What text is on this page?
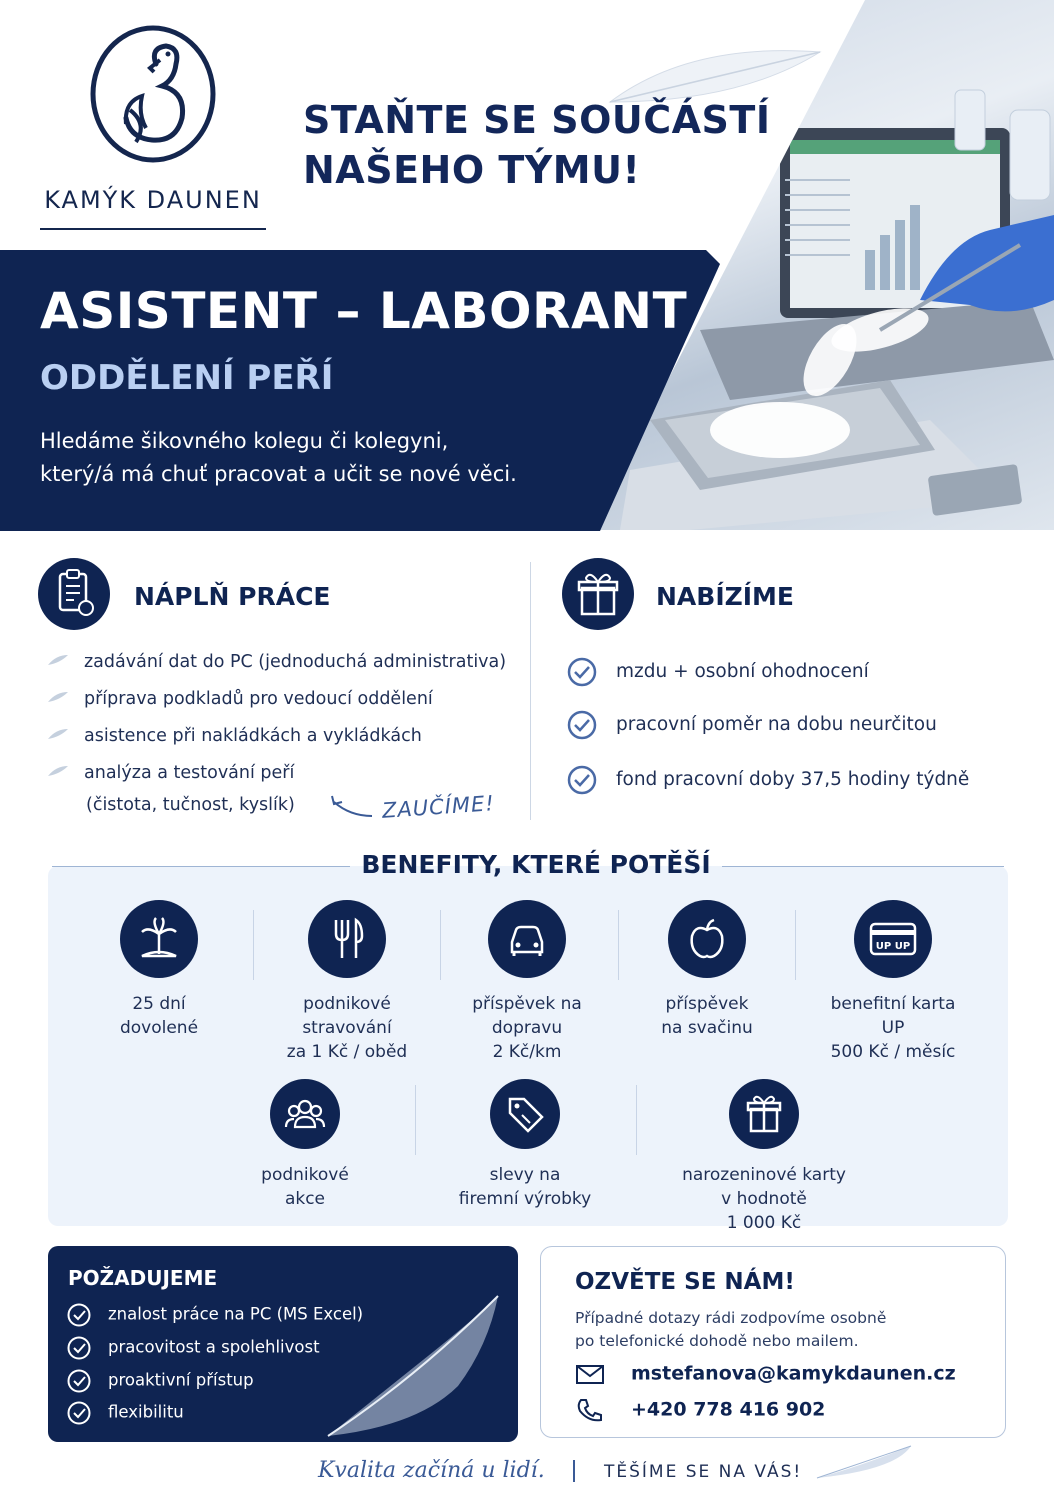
KAMÝK DAUNEN
STAŇTE SE SOUČÁSTÍ
NAŠEHO TÝMU!
ASISTENT – LABORANT
ODDĚLENÍ PEŘÍ
Hledáme šikovného kolegu či kolegyni,
který/á má chuť pracovat a učit se nové věci.
NÁPLŇ PRÁCE
zadávání dat do PC (jednoduchá administrativa)
příprava podkladů pro vedoucí oddělení
asistence při nakládkách a vykládkách
analýza a testování peří
(čistota, tučnost, kyslík)	ZAUČÍME!
NABÍZÍME
mzdu + osobní ohodnocení
pracovní poměr na dobu neurčitou
fond pracovní doby 37,5 hodiny týdně
BENEFITY, KTERÉ POTĚŠÍ
25 dní
dovolené
podnikové
stravování
za 1 Kč / oběd
příspěvek na
dopravu
2 Kč/km
příspěvek
na svačinu
UP UP
benefitní karta
UP
500 Kč / měsíc
podnikové
akce
slevy na
firemní výrobky
narozeninové karty
v hodnotě
1 000 Kč
POŽADUJEME
znalost práce na PC (MS Excel)
pracovitost a spolehlivost
proaktivní přístup
flexibilitu
OZVĚTE SE NÁM!
Případné dotazy rádi zodpovíme osobně
po telefonické dohodě nebo mailem.
mstefanova@kamykdaunen.cz
+420 778 416 902
Kvalita začíná u lidí.	TĚŠÍME SE NA VÁS!
